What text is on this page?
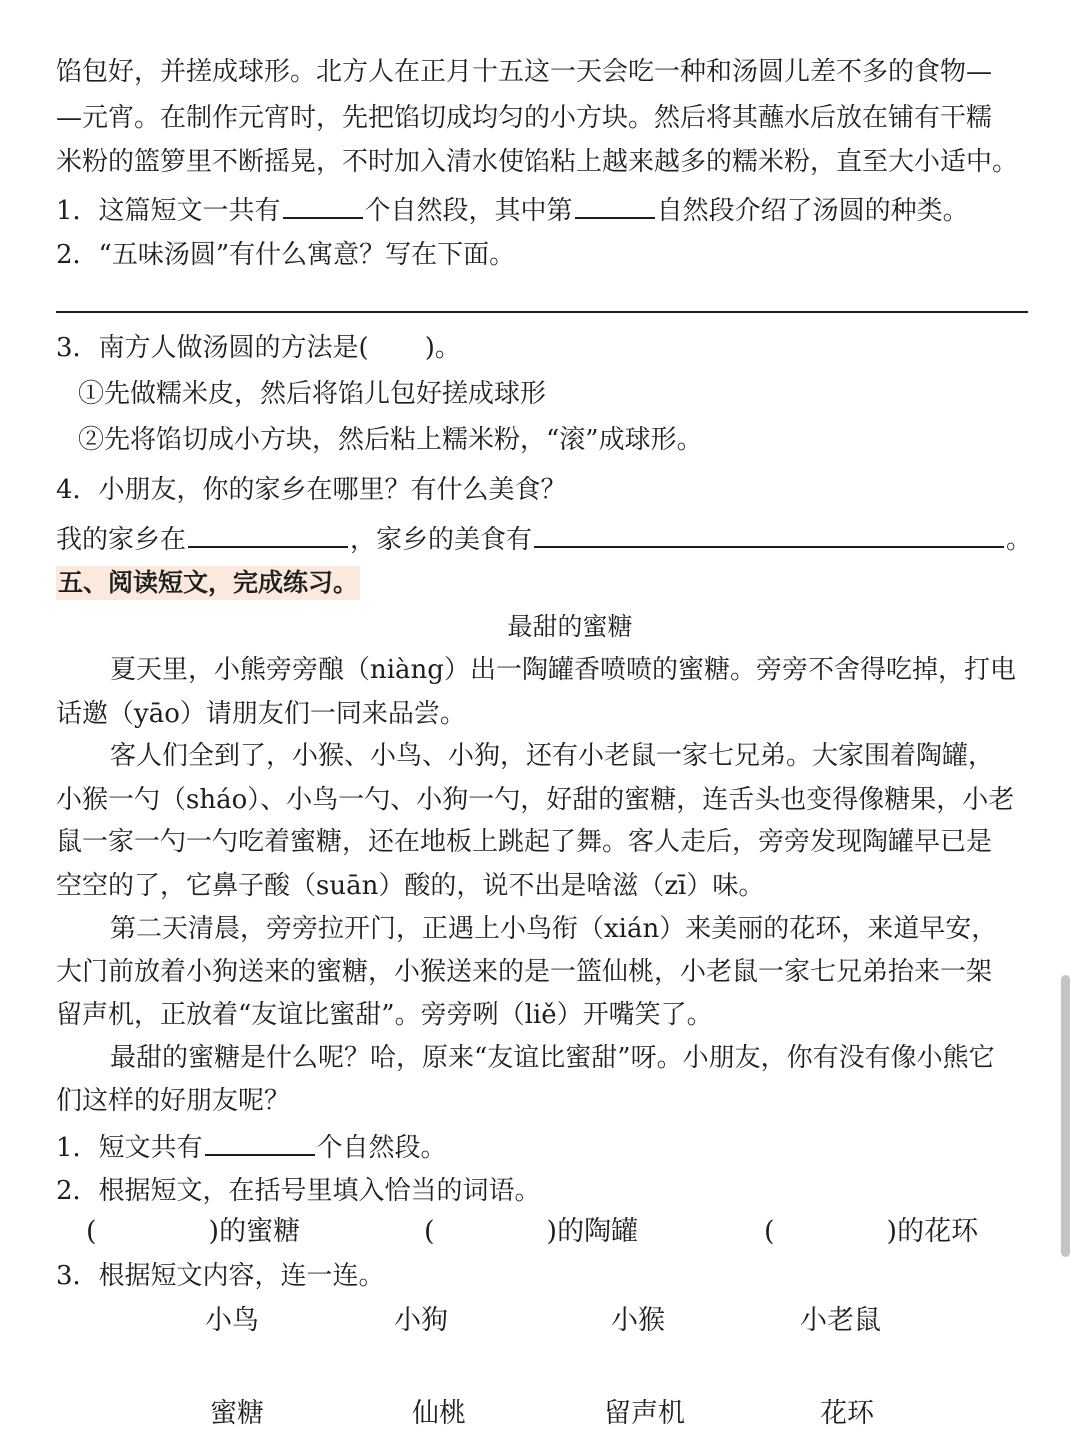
馅包好，并搓成球形。北方人在正月十五这一天会吃一种和汤圆儿差不多的食物—
—元宵。在制作元宵时，先把馅切成均匀的小方块。然后将其蘸水后放在铺有干糯
米粉的篮箩里不断摇晃，不时加入清水使馅粘上越来越多的糯米粉，直至大小适中。
1．这篇短文一共有	个自然段，其中第	自然段介绍了汤圆的种类。
2．“五味汤圆”有什么寓意？写在下面。
3．南方人做汤圆的方法是( )。
①先做糯米皮，然后将馅儿包好搓成球形
②先将馅切成小方块，然后粘上糯米粉，“滚”成球形。
4．小朋友，你的家乡在哪里？有什么美食？
我的家乡在	，家乡的美食有	。
五、阅读短文，完成练习。
最甜的蜜糖
夏天里，小熊旁旁酿（niàng）出一陶罐香喷喷的蜜糖。旁旁不舍得吃掉，打电
话邀（yāo）请朋友们一同来品尝。
客人们全到了，小猴、小鸟、小狗，还有小老鼠一家七兄弟。大家围着陶罐，
小猴一勺（sháo）、小鸟一勺、小狗一勺，好甜的蜜糖，连舌头也变得像糖果，小老
鼠一家一勺一勺吃着蜜糖，还在地板上跳起了舞。客人走后，旁旁发现陶罐早已是
空空的了，它鼻子酸（suān）酸的，说不出是啥滋（zī）味。
第二天清晨，旁旁拉开门，正遇上小鸟衔（xián）来美丽的花环，来道早安，
大门前放着小狗送来的蜜糖，小猴送来的是一篮仙桃，小老鼠一家七兄弟抬来一架
留声机，正放着“友谊比蜜甜”。旁旁咧（liě）开嘴笑了。
最甜的蜜糖是什么呢？哈，原来“友谊比蜜甜”呀。小朋友，你有没有像小熊它
们这样的好朋友呢？
1．短文共有	个自然段。
2．根据短文，在括号里填入恰当的词语。
(	)的蜜糖	(	)的陶罐	(	)的花环
3．根据短文内容，连一连。
小鸟	小狗	小猴	小老鼠
蜜糖	仙桃	留声机	花环
